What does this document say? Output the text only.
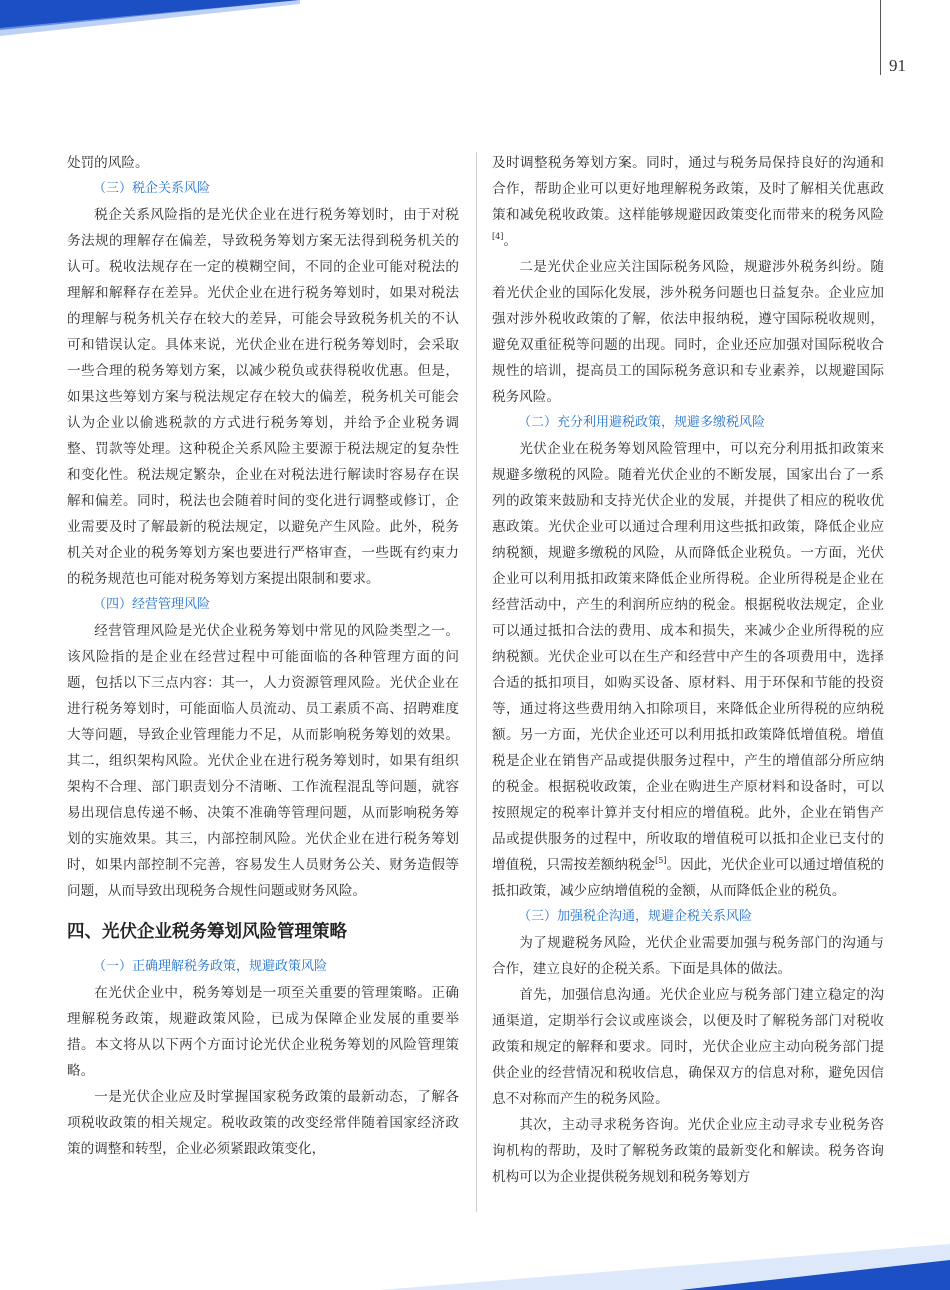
91

处罚的风险。

（三）税企关系风险

税企关系风险指的是光伏企业在进行税务筹划时，由于对税务法规的理解存在偏差，导致税务筹划方案无法得到税务机关的认可。税收法规存在一定的模糊空间，不同的企业可能对税法的理解和解释存在差异。光伏企业在进行税务筹划时，如果对税法的理解与税务机关存在较大的差异，可能会导致税务机关的不认可和错误认定。具体来说，光伏企业在进行税务筹划时，会采取一些合理的税务筹划方案，以减少税负或获得税收优惠。但是，如果这些筹划方案与税法规定存在较大的偏差，税务机关可能会认为企业以偷逃税款的方式进行税务筹划，并给予企业税务调整、罚款等处理。这种税企关系风险主要源于税法规定的复杂性和变化性。税法规定繁杂，企业在对税法进行解读时容易存在误解和偏差。同时，税法也会随着时间的变化进行调整或修订，企业需要及时了解最新的税法规定，以避免产生风险。此外，税务机关对企业的税务筹划方案也要进行严格审查，一些既有约束力的税务规范也可能对税务筹划方案提出限制和要求。

（四）经营管理风险

经营管理风险是光伏企业税务筹划中常见的风险类型之一。该风险指的是企业在经营过程中可能面临的各种管理方面的问题，包括以下三点内容：其一，人力资源管理风险。光伏企业在进行税务筹划时，可能面临人员流动、员工素质不高、招聘难度大等问题，导致企业管理能力不足，从而影响税务筹划的效果。其二，组织架构风险。光伏企业在进行税务筹划时，如果有组织架构不合理、部门职责划分不清晰、工作流程混乱等问题，就容易出现信息传递不畅、决策不准确等管理问题，从而影响税务筹划的实施效果。其三，内部控制风险。光伏企业在进行税务筹划时，如果内部控制不完善，容易发生人员财务公关、财务造假等问题，从而导致出现税务合规性问题或财务风险。

四、光伏企业税务筹划风险管理策略
（一）正确理解税务政策，规避政策风险

在光伏企业中，税务筹划是一项至关重要的管理策略。正确理解税务政策，规避政策风险，已成为保障企业发展的重要举措。本文将从以下两个方面讨论光伏企业税务筹划的风险管理策略。

一是光伏企业应及时掌握国家税务政策的最新动态，了解各项税收政策的相关规定。税收政策的改变经常伴随着国家经济政策的调整和转型，企业必须紧跟政策变化，

及时调整税务筹划方案。同时，通过与税务局保持良好的沟通和合作，帮助企业可以更好地理解税务政策，及时了解相关优惠政策和减免税收政策。这样能够规避因政策变化而带来的税务风险[4]。

二是光伏企业应关注国际税务风险，规避涉外税务纠纷。随着光伏企业的国际化发展，涉外税务问题也日益复杂。企业应加强对涉外税收政策的了解，依法申报纳税，遵守国际税收规则，避免双重征税等问题的出现。同时，企业还应加强对国际税收合规性的培训，提高员工的国际税务意识和专业素养，以规避国际税务风险。

（二）充分利用避税政策，规避多缴税风险

光伏企业在税务筹划风险管理中，可以充分利用抵扣政策来规避多缴税的风险。随着光伏企业的不断发展，国家出台了一系列的政策来鼓励和支持光伏企业的发展，并提供了相应的税收优惠政策。光伏企业可以通过合理利用这些抵扣政策，降低企业应纳税额，规避多缴税的风险，从而降低企业税负。一方面，光伏企业可以利用抵扣政策来降低企业所得税。企业所得税是企业在经营活动中，产生的利润所应纳的税金。根据税收法规定，企业可以通过抵扣合法的费用、成本和损失，来减少企业所得税的应纳税额。光伏企业可以在生产和经营中产生的各项费用中，选择合适的抵扣项目，如购买设备、原材料、用于环保和节能的投资等，通过将这些费用纳入扣除项目，来降低企业所得税的应纳税额。另一方面，光伏企业还可以利用抵扣政策降低增值税。增值税是企业在销售产品或提供服务过程中，产生的增值部分所应纳的税金。根据税收政策，企业在购进生产原材料和设备时，可以按照规定的税率计算并支付相应的增值税。此外，企业在销售产品或提供服务的过程中，所收取的增值税可以抵扣企业已支付的增值税，只需按差额纳税金[5]。因此，光伏企业可以通过增值税的抵扣政策，减少应纳增值税的金额，从而降低企业的税负。

（三）加强税企沟通，规避企税关系风险

为了规避税务风险，光伏企业需要加强与税务部门的沟通与合作，建立良好的企税关系。下面是具体的做法。

首先，加强信息沟通。光伏企业应与税务部门建立稳定的沟通渠道，定期举行会议或座谈会，以便及时了解税务部门对税收政策和规定的解释和要求。同时，光伏企业应主动向税务部门提供企业的经营情况和税收信息，确保双方的信息对称，避免因信息不对称而产生的税务风险。

其次，主动寻求税务咨询。光伏企业应主动寻求专业税务咨询机构的帮助，及时了解税务政策的最新变化和解读。税务咨询机构可以为企业提供税务规划和税务筹划方
